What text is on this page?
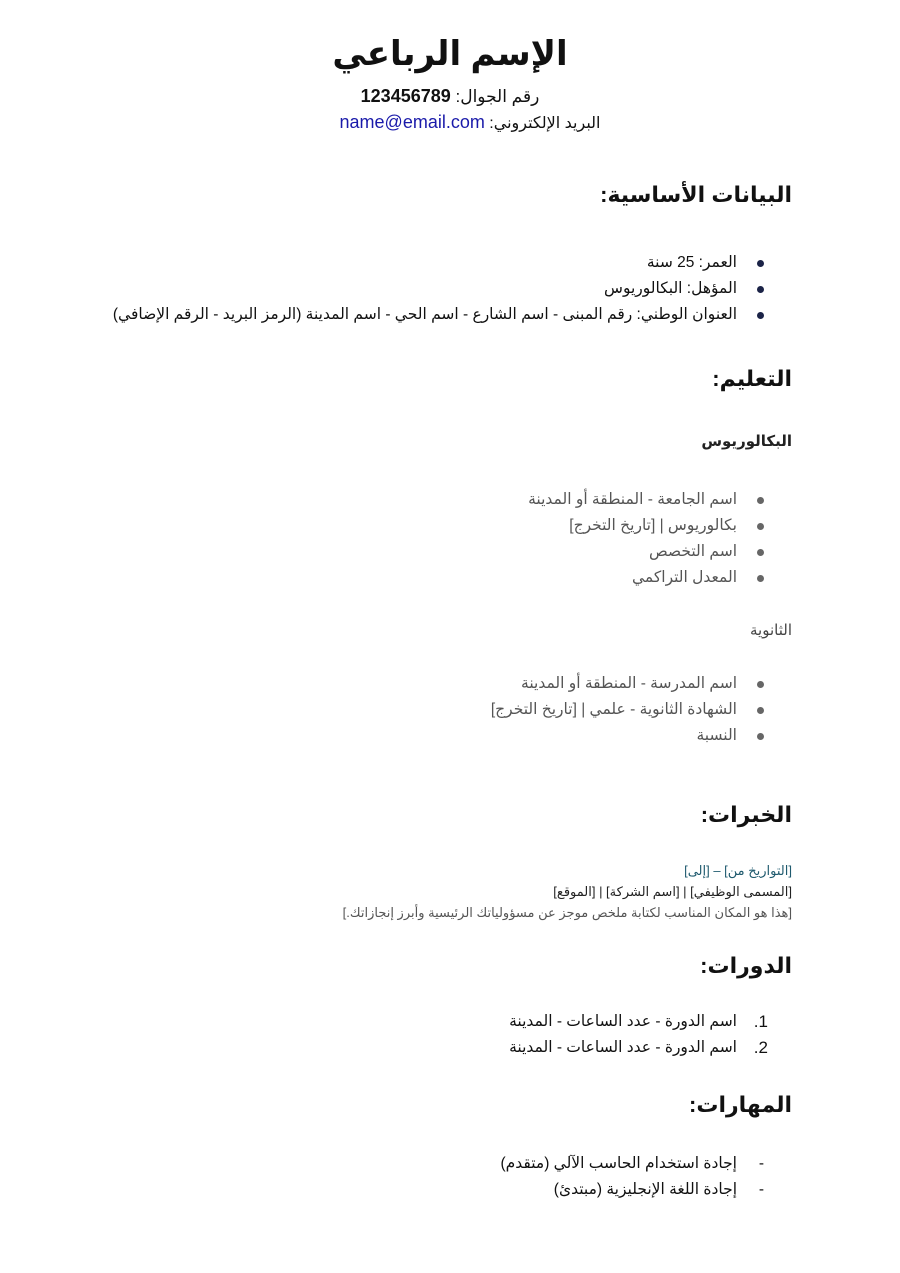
الإسم الرباعي
رقم الجوال: 123456789
البريد الإلكتروني: name@email.com
البيانات الأساسية:
العمر: 25 سنة
المؤهل: البكالوريوس
العنوان الوطني: رقم المبنى - اسم الشارع - اسم الحي - اسم المدينة (الرمز البريد - الرقم الإضافي)
التعليم:
البكالوريوس
اسم الجامعة - المنطقة أو المدينة
بكالوريوس | [تاريخ التخرج]
اسم التخصص
المعدل التراكمي
الثانوية
اسم المدرسة - المنطقة أو المدينة
الشهادة الثانوية - علمي | [تاريخ التخرج]
النسبة
الخبرات:
[التواريخ من] – [إلى]
[المسمى الوظيفي] | [اسم الشركة] | [الموقع]
[هذا هو المكان المناسب لكتابة ملخص موجز عن مسؤولياتك الرئيسية وأبرز إنجازاتك.]
الدورات:
1.
اسم الدورة - عدد الساعات - المدينة
2.
اسم الدورة - عدد الساعات - المدينة
المهارات:
- إجادة استخدام الحاسب الآلي (متقدم)
- إجادة اللغة الإنجليزية (مبتدئ)
